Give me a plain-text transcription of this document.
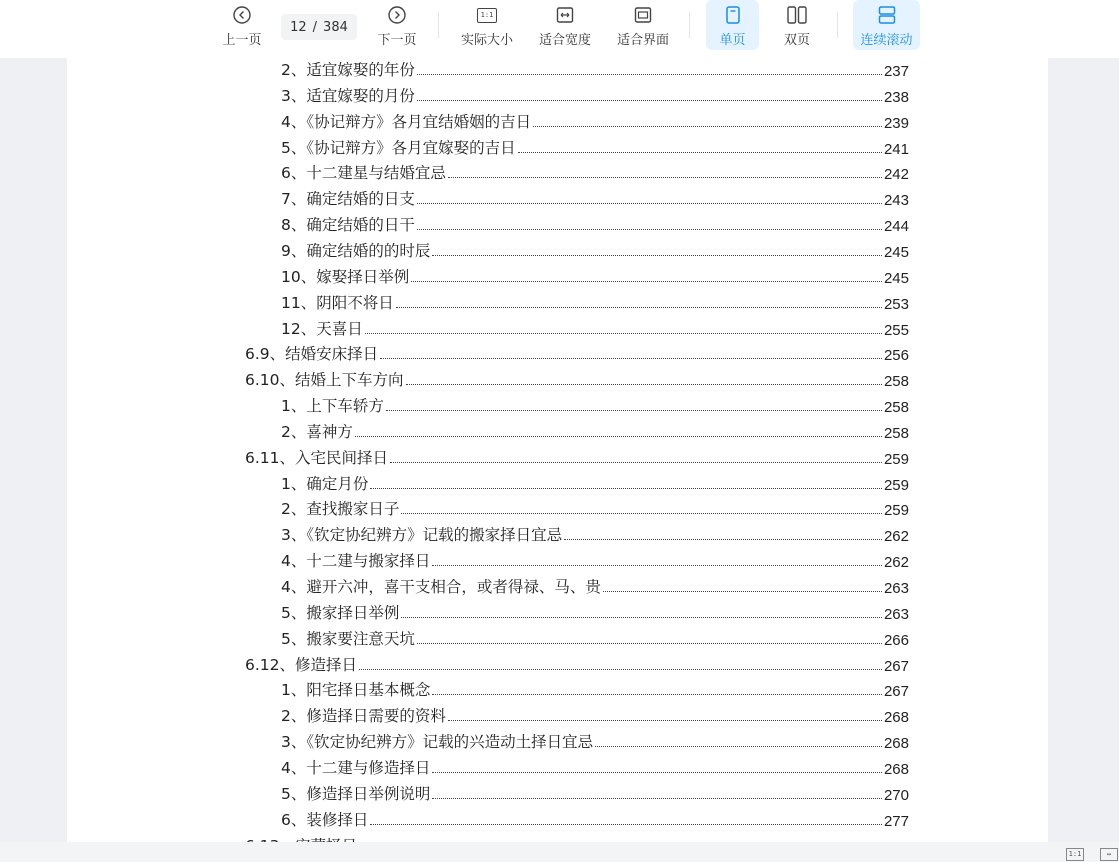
上一页
12 / 384
下一页
1:1
实际大小 适合宽度 适合界面	单页	双页	连续滚动
2、适宜嫁娶的年份	237
3、适宜嫁娶的月份	238
4、《协记辩方》各月宜结婚姻的吉日	239
5、《协记辩方》各月宜嫁娶的吉日	241
6、十二建星与结婚宜忌	242
7、确定结婚的日支	243
8、确定结婚的日干	244
9、确定结婚的的时辰	245
10、嫁娶择日举例	245
11、阴阳不将日	253
12、天喜日	255
6.9、结婚安床择日	256
6.10、结婚上下车方向	258
1、上下车轿方	258
2、喜神方	258
6.11、入宅民间择日	259
1、确定月份	259
2、查找搬家日子	259
3、《钦定协纪辨方》记载的搬家择日宜忌	262
4、十二建与搬家择日	262
4、避开六冲，喜干支相合，或者得禄、马、贵	263
5、搬家择日举例	263
5、搬家要注意天坑	266
6.12、修造择日	267
1、阳宅择日基本概念	267
2、修造择日需要的资料	268
3、《钦定协纪辨方》记载的兴造动土择日宜忌	268
4、十二建与修造择日	268
5、修造择日举例说明	270
6、装修择日	277
1:1	↔
